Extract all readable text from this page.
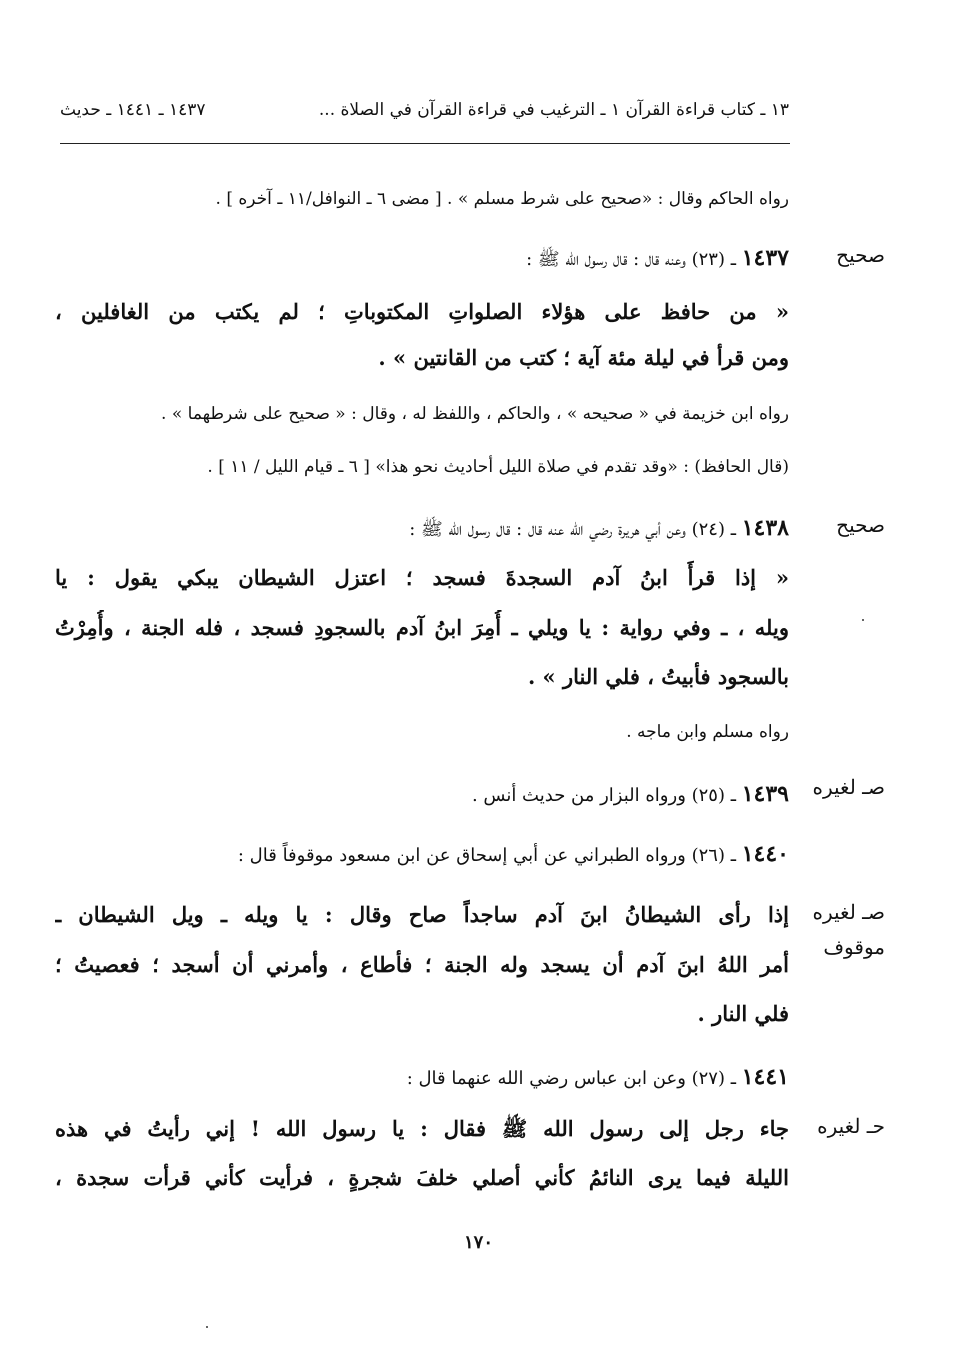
١٣ ـ كتاب قراءة القرآن ١ ـ الترغيب في قراءة القرآن في الصلاة ...
١٤٣٧ ـ ١٤٤١ ـ حديث
رواه الحاكم وقال : «صحيح على شرط مسلم » . [ مضى ٦ ـ النوافل/١١ ـ آخره ] .
صحيح
١٤٣٧ ـ (٢٣) وعنه قال : قال رسول الله ﷺ :
« من حافظ على هؤلاء الصلواتِ المكتوباتِ ؛ لم يكتب من الغافلين ،
ومن قرأ في ليلة مئة آية ؛ كتب من القانتين » .
رواه ابن خزيمة في « صحيحه » ، والحاكم ، واللفظ له ، وقال : « صحيح على شرطهما » .
(قال الحافظ) : «وقد تقدم في صلاة الليل أحاديث نحو هذا» [ ٦ ـ قيام الليل / ١١ ] .
صحيح
١٤٣٨ ـ (٢٤) وعن أبي هريرة رضي الله عنه قال : قال رسول الله ﷺ :
« إذا قرأَ ابنُ آدم السجدةَ فسجد ؛ اعتزل الشيطان يبكي يقول : يا
ويله ، ـ وفي رواية : يا ويلي ـ أُمِرَ ابنُ آدم بالسجودِ فسجد ، فله الجنة ، وأُمِرْتُ
بالسجود فأبيتُ ، فلي النار » .
رواه مسلم وابن ماجه .
صـ لغيره
١٤٣٩ ـ (٢٥) ورواه البزار من حديث أنس .
١٤٤٠ ـ (٢٦) ورواه الطبراني عن أبي إسحاق عن ابن مسعود موقوفاً قال :
صـ لغيره
موقوف
إذا رأى الشيطانُ ابنَ آدم ساجداً صاح وقال : يا ويله ـ ويل الشيطان ـ
أمر اللهُ ابنَ آدم أن يسجد وله الجنة ؛ فأطاع ، وأمرني أن أسجد ؛ فعصيتُ ؛
فلي النار .
١٤٤١ ـ (٢٧) وعن ابن عباس رضي الله عنهما قال :
حـ لغيره
جاء رجل إلى رسول الله ﷺ فقال : يا رسول الله ! إني رأيتُ في هذه
الليلة فيما يرى النائمُ كأني أصلي خلفَ شجرةٍ ، فرأيت كأني قرأت سجدة ،
١٧٠
